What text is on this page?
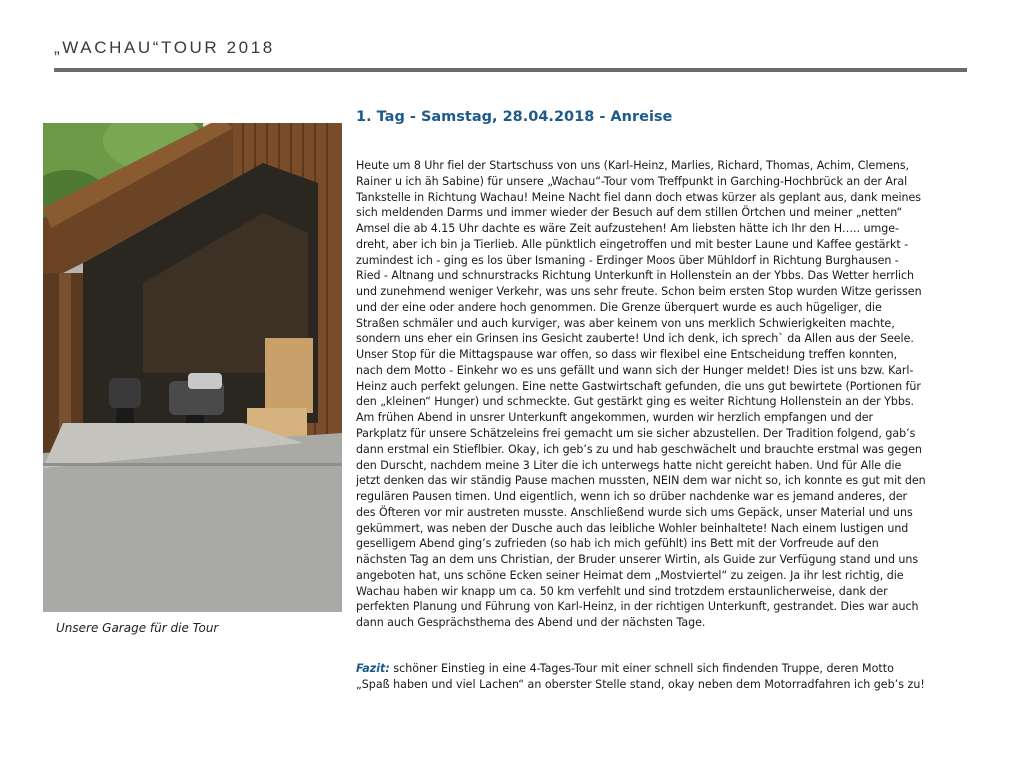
„WACHAU“TOUR 2018
Unsere Garage für die Tour
1. Tag - Samstag, 28.04.2018 - Anreise
Heute um 8 Uhr fiel der Startschuss von uns (Karl-Heinz, Marlies, Richard, Thomas, Achim, Clemens,
Rainer u ich äh Sabine) für unsere „Wachau“-Tour vom Treffpunkt in Garching-Hochbrück an der Aral
Tankstelle in Richtung Wachau! Meine Nacht fiel dann doch etwas kürzer als geplant aus, dank meines
sich meldenden Darms und immer wieder der Besuch auf dem stillen Örtchen und meiner „netten“
Amsel die ab 4.15 Uhr dachte es wäre Zeit aufzustehen! Am liebsten hätte ich Ihr den H….. umge-
dreht, aber ich bin ja Tierlieb. Alle pünktlich eingetroffen und mit bester Laune und Kaffee gestärkt -
zumindest ich - ging es los über Ismaning - Erdinger Moos über Mühldorf in Richtung Burghausen -
Ried - Altnang und schnurstracks Richtung Unterkunft in Hollenstein an der Ybbs. Das Wetter herrlich
und zunehmend weniger Verkehr, was uns sehr freute. Schon beim ersten Stop wurden Witze gerissen
und der eine oder andere hoch genommen. Die Grenze überquert wurde es auch hügeliger, die
Straßen schmäler und auch kurviger, was aber keinem von uns merklich Schwierigkeiten machte,
sondern uns eher ein Grinsen ins Gesicht zauberte! Und ich denk, ich sprech` da Allen aus der Seele.
Unser Stop für die Mittagspause war offen, so dass wir flexibel eine Entscheidung treffen konnten,
nach dem Motto - Einkehr wo es uns gefällt und wann sich der Hunger meldet! Dies ist uns bzw. Karl-
Heinz auch perfekt gelungen. Eine nette Gastwirtschaft gefunden, die uns gut bewirtete (Portionen für
den „kleinen“ Hunger) und schmeckte. Gut gestärkt ging es weiter Richtung Hollenstein an der Ybbs.
Am frühen Abend in unsrer Unterkunft angekommen, wurden wir herzlich empfangen und der
Parkplatz für unsere Schätzeleins frei gemacht um sie sicher abzustellen. Der Tradition folgend, gab’s
dann erstmal ein Stieflbier. Okay, ich geb’s zu und hab geschwächelt und brauchte erstmal was gegen
den Durscht, nachdem meine 3 Liter die ich unterwegs hatte nicht gereicht haben. Und für Alle die
jetzt denken das wir ständig Pause machen mussten, NEIN dem war nicht so, ich konnte es gut mit den
regulären Pausen timen. Und eigentlich, wenn ich so drüber nachdenke war es jemand anderes, der
des Öfteren vor mir austreten musste. Anschließend wurde sich ums Gepäck, unser Material und uns
gekümmert, was neben der Dusche auch das leibliche Wohler beinhaltete! Nach einem lustigen und
geselligem Abend ging’s zufrieden (so hab ich mich gefühlt) ins Bett mit der Vorfreude auf den
nächsten Tag an dem uns Christian, der Bruder unserer Wirtin, als Guide zur Verfügung stand und uns
angeboten hat, uns schöne Ecken seiner Heimat dem „Mostviertel“ zu zeigen. Ja ihr lest richtig, die
Wachau haben wir knapp um ca. 50 km verfehlt und sind trotzdem erstaunlicherweise, dank der
perfekten Planung und Führung von Karl-Heinz, in der richtigen Unterkunft, gestrandet. Dies war auch
dann auch Gesprächsthema des Abend und der nächsten Tage.
Fazit: schöner Einstieg in eine 4-Tages-Tour mit einer schnell sich findenden Truppe, deren Motto
„Spaß haben und viel Lachen“ an oberster Stelle stand, okay neben dem Motorradfahren ich geb’s zu!
